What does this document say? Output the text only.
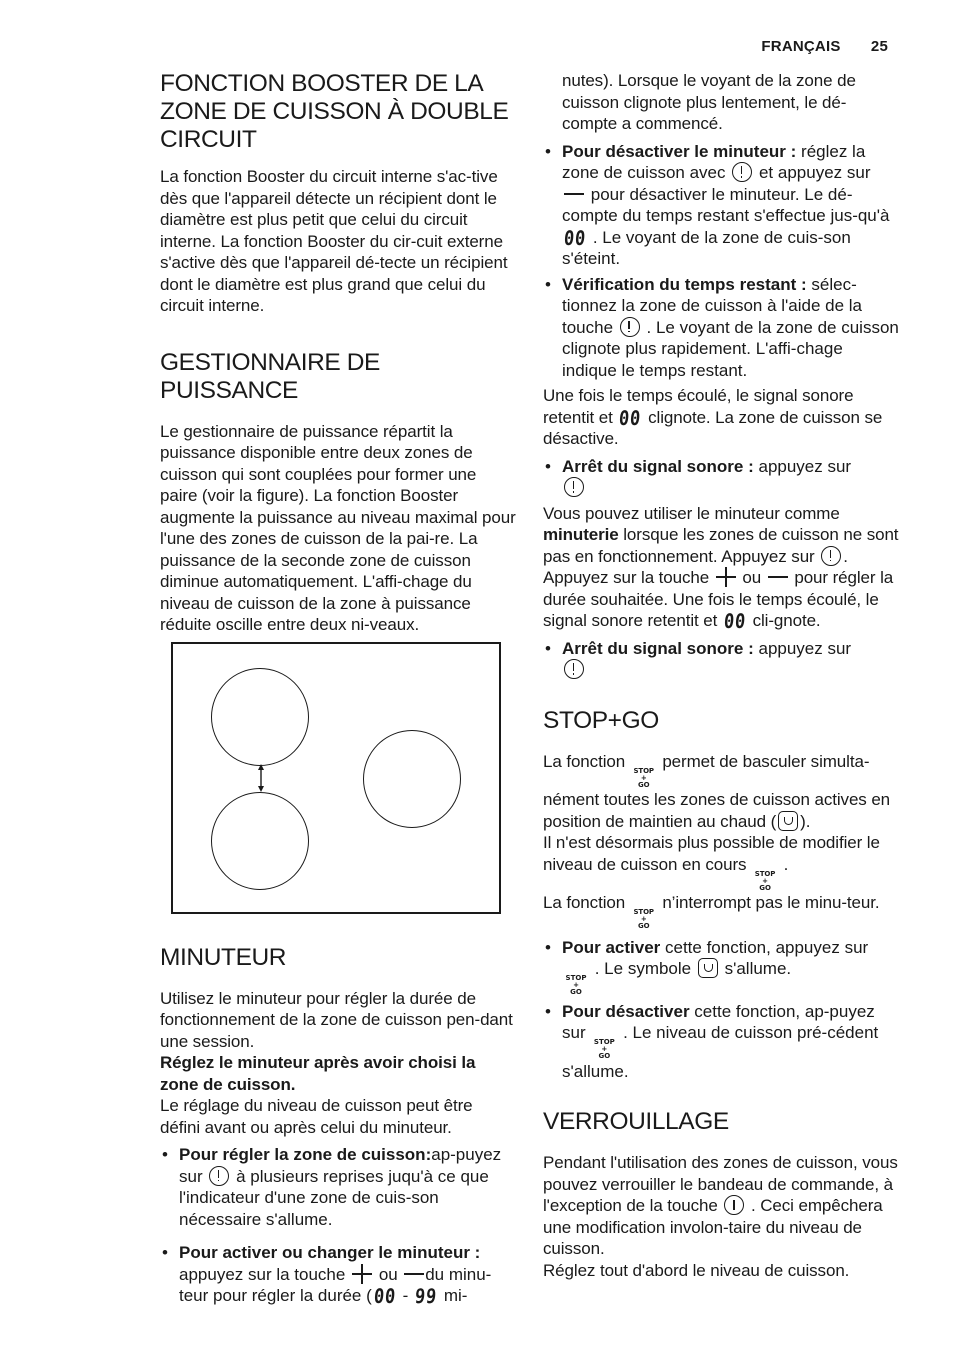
FRANÇAIS 25
FONCTION BOOSTER DE LA ZONE DE CUISSON À DOUBLE CIRCUIT

La fonction Booster du circuit interne s'ac-tive dès que l'appareil détecte un récipient dont le diamètre est plus petit que celui du circuit interne. La fonction Booster du cir-cuit externe s'active dès que l'appareil dé-tecte un récipient dont le diamètre est plus grand que celui du circuit interne.

GESTIONNAIRE DE PUISSANCE

Le gestionnaire de puissance répartit la puissance disponible entre deux zones de cuisson qui sont couplées pour former une paire (voir la figure). La fonction Booster augmente la puissance au niveau maximal pour l'une des zones de cuisson de la pai-re. La puissance de la seconde zone de cuisson diminue automatiquement. L'affi-chage du niveau de cuisson de la zone à puissance réduite oscille entre deux ni-veaux.

MINUTEUR

Utilisez le minuteur pour régler la durée de fonctionnement de la zone de cuisson pen-dant une session.

Réglez le minuteur après avoir choisi la zone de cuisson.

Le réglage du niveau de cuisson peut être défini avant ou après celui du minuteur.

• Pour régler la zone de cuisson:ap-puyez sur à plusieurs reprises juqu'à ce que l'indicateur d'une zone de cuis-son nécessaire s'allume.
• Pour activer ou changer le minuteur : appuyez sur la touche ou du minu-teur pour régler la durée (00 - 99 mi-

nutes). Lorsque le voyant de la zone de cuisson clignote plus lentement, le dé-compte a commencé.

• Pour désactiver le minuteur : réglez la zone de cuisson avec et appuyez sur  pour désactiver le minuteur. Le dé-compte du temps restant s'effectue jus-qu'à 00 . Le voyant de la zone de cuis-son s'éteint.
• Vérification du temps restant : sélec-tionnez la zone de cuisson à l'aide de la touche . Le voyant de la zone de cuisson clignote plus rapidement. L'affi-chage indique le temps restant.

Une fois le temps écoulé, le signal sonore retentit et 00 clignote. La zone de cuisson se désactive.

• Arrêt du signal sonore : appuyez sur

Vous pouvez utiliser le minuteur comme minuterie lorsque les zones de cuisson ne sont pas en fonctionnement. Appuyez sur . Appuyez sur la touche ou pour régler la durée souhaitée. Une fois le temps écoulé, le signal sonore retentit et 00 cli-gnote.

• Arrêt du signal sonore : appuyez sur

STOP+GO

La fonction STOP
+
GO
permet de basculer simulta-nément toutes les zones de cuisson actives en position de maintien au chaud ( ).

Il n'est désormais plus possible de modifier le niveau de cuisson en cours STOP
+
GO
.

La fonction STOP
+
GO
n’interrompt pas le minu-teur.

• Pour activer cette fonction, appuyez sur
STOP
+
GO
. Le symbole s'allume.
• Pour désactiver cette fonction, ap-puyez sur STOP
+
GO
. Le niveau de cuisson pré-cédent s'allume.
VERROUILLAGE

Pendant l'utilisation des zones de cuisson, vous pouvez verrouiller le bandeau de commande, à l'exception de la touche . Ceci empêchera une modification involon-taire du niveau de cuisson.

Réglez tout d'abord le niveau de cuisson.
